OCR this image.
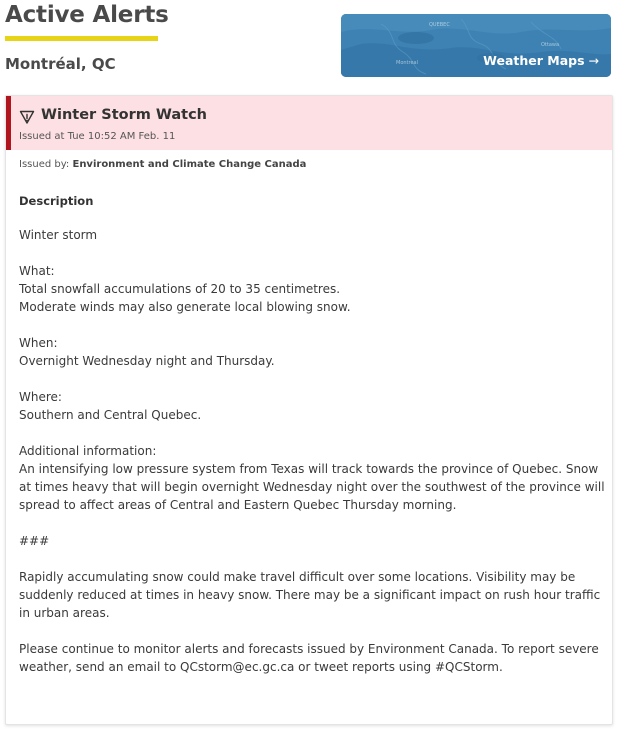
Active Alerts
Montréal, QC
QUEBEC
Montreal
Ottawa
Weather Maps →
Winter Storm Watch
Issued at Tue 10:52 AM Feb. 11
Issued by: Environment and Climate Change Canada
Description
Winter storm
What:
Total snowfall accumulations of 20 to 35 centimetres.
Moderate winds may also generate local blowing snow.
When:
Overnight Wednesday night and Thursday.
Where:
Southern and Central Quebec.
Additional information:
An intensifying low pressure system from Texas will track towards the province of Quebec. Snow
at times heavy that will begin overnight Wednesday night over the southwest of the province will
spread to affect areas of Central and Eastern Quebec Thursday morning.
###
Rapidly accumulating snow could make travel difficult over some locations. Visibility may be
suddenly reduced at times in heavy snow. There may be a significant impact on rush hour traffic
in urban areas.
Please continue to monitor alerts and forecasts issued by Environment Canada. To report severe
weather, send an email to QCstorm@ec.gc.ca or tweet reports using #QCStorm.
